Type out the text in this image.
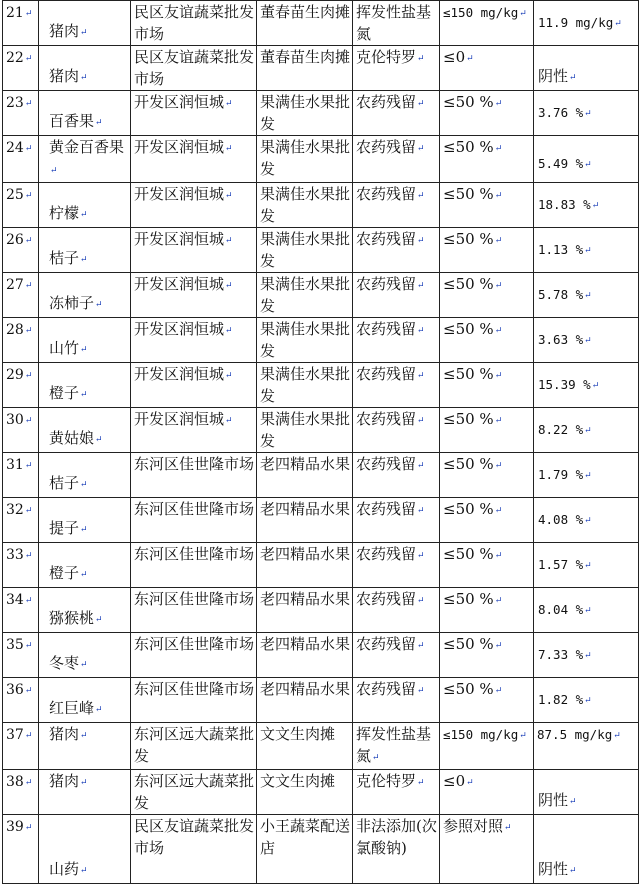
21↵	猪肉↵	民区友谊蔬菜批发市场	董春苗生肉摊	挥发性盐基氮	≤150 mg/kg↵	11.9 mg/kg↵

22↵	猪肉↵	民区友谊蔬菜批发市场	董春苗生肉摊	克伦特罗↵	≤0↵	阴性↵

23↵	百香果↵	开发区润恒城↵	果满佳水果批发	农药残留↵	≤50 %↵	3.76 %↵

24↵	黄金百香果↵	开发区润恒城↵	果满佳水果批发	农药残留↵	≤50 %↵	5.49 %↵

25↵	柠檬↵	开发区润恒城↵	果满佳水果批发	农药残留↵	≤50 %↵	18.83 %↵

26↵	桔子↵	开发区润恒城↵	果满佳水果批发	农药残留↵	≤50 %↵	1.13 %↵

27↵	冻柿子↵	开发区润恒城↵	果满佳水果批发	农药残留↵	≤50 %↵	5.78 %↵

28↵	山竹↵	开发区润恒城↵	果满佳水果批发	农药残留↵	≤50 %↵	3.63 %↵

29↵	橙子↵	开发区润恒城↵	果满佳水果批发	农药残留↵	≤50 %↵	15.39 %↵

30↵	黄姑娘↵	开发区润恒城↵	果满佳水果批发	农药残留↵	≤50 %↵	8.22 %↵

31↵	桔子↵	东河区佳世隆市场	老四精品水果	农药残留↵	≤50 %↵	1.79 %↵

32↵	提子↵	东河区佳世隆市场	老四精品水果	农药残留↵	≤50 %↵	4.08 %↵

33↵	橙子↵	东河区佳世隆市场	老四精品水果	农药残留↵	≤50 %↵	1.57 %↵

34↵	猕猴桃↵	东河区佳世隆市场	老四精品水果	农药残留↵	≤50 %↵	8.04 %↵

35↵	冬枣↵	东河区佳世隆市场	老四精品水果	农药残留↵	≤50 %↵	7.33 %↵

36↵	红巨峰↵	东河区佳世隆市场	老四精品水果	农药残留↵	≤50 %↵	1.82 %↵

37↵	猪肉↵	东河区远大蔬菜批发	文文生肉摊	挥发性盐基氮↵	≤150 mg/kg↵	87.5 mg/kg↵
38↵	猪肉↵	东河区远大蔬菜批发	文文生肉摊	克伦特罗↵	≤0↵	阴性↵

39↵	山药↵	民区友谊蔬菜批发市场	小王蔬菜配送店	非法添加(次氯酸钠)	参照对照↵	阴性↵
